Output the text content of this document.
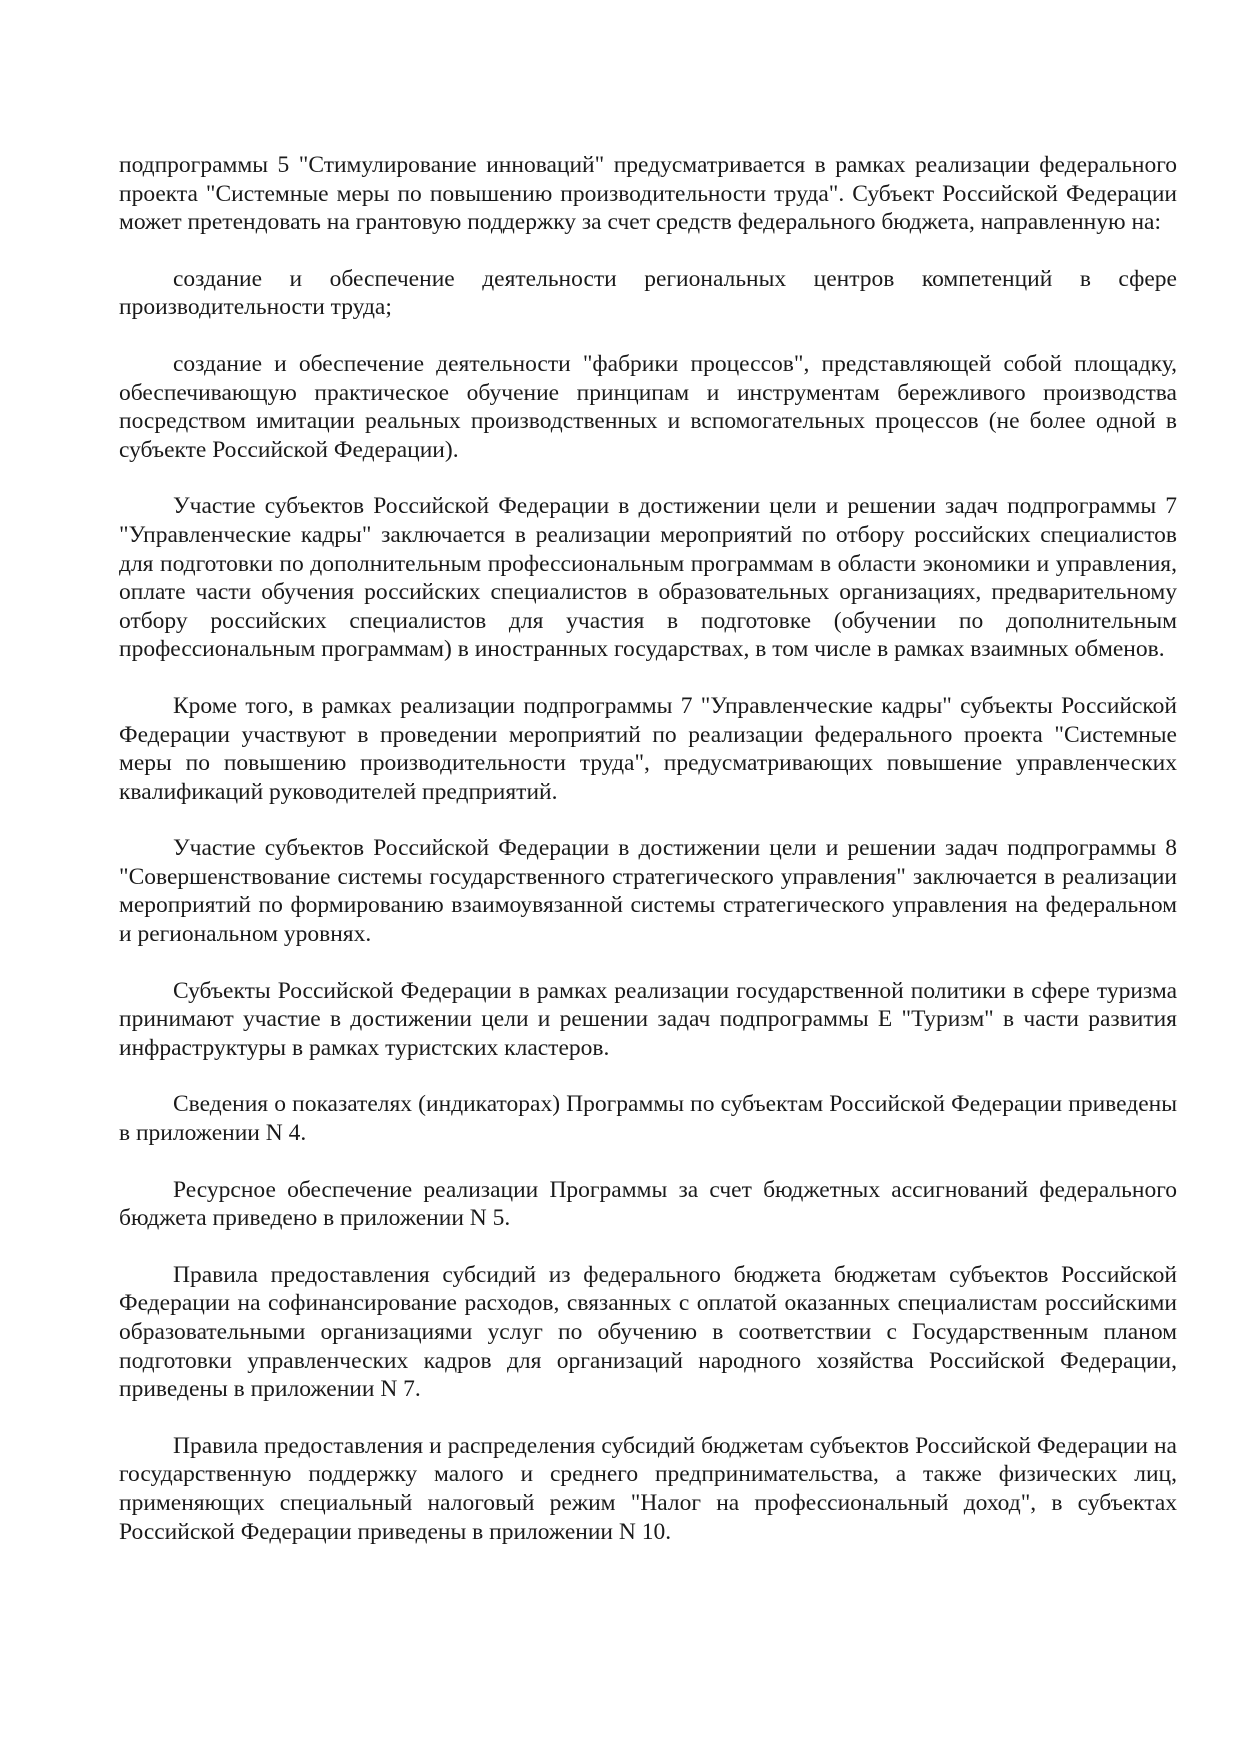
подпрограммы 5 "Стимулирование инноваций" предусматривается в рамках реализации федерального проекта "Системные меры по повышению производительности труда". Субъект Российской Федерации может претендовать на грантовую поддержку за счет средств федерального бюджета, направленную на:

создание и обеспечение деятельности региональных центров компетенций в сфере производительности труда;

создание и обеспечение деятельности "фабрики процессов", представляющей собой площадку, обеспечивающую практическое обучение принципам и инструментам бережливого производства посредством имитации реальных производственных и вспомогательных процессов (не более одной в субъекте Российской Федерации).

Участие субъектов Российской Федерации в достижении цели и решении задач подпрограммы 7 "Управленческие кадры" заключается в реализации мероприятий по отбору российских специалистов для подготовки по дополнительным профессиональным программам в области экономики и управления, оплате части обучения российских специалистов в образовательных организациях, предварительному отбору российских специалистов для участия в подготовке (обучении по дополнительным профессиональным программам) в иностранных государствах, в том числе в рамках взаимных обменов.

Кроме того, в рамках реализации подпрограммы 7 "Управленческие кадры" субъекты Российской Федерации участвуют в проведении мероприятий по реализации федерального проекта "Системные меры по повышению производительности труда", предусматривающих повышение управленческих квалификаций руководителей предприятий.

Участие субъектов Российской Федерации в достижении цели и решении задач подпрограммы 8 "Совершенствование системы государственного стратегического управления" заключается в реализации мероприятий по формированию взаимоувязанной системы стратегического управления на федеральном и региональном уровнях.

Субъекты Российской Федерации в рамках реализации государственной политики в сфере туризма принимают участие в достижении цели и решении задач подпрограммы Е "Туризм" в части развития инфраструктуры в рамках туристских кластеров.

Сведения о показателях (индикаторах) Программы по субъектам Российской Федерации приведены в приложении N 4.

Ресурсное обеспечение реализации Программы за счет бюджетных ассигнований федерального бюджета приведено в приложении N 5.

Правила предоставления субсидий из федерального бюджета бюджетам субъектов Российской Федерации на софинансирование расходов, связанных с оплатой оказанных специалистам российскими образовательными организациями услуг по обучению в соответствии с Государственным планом подготовки управленческих кадров для организаций народного хозяйства Российской Федерации, приведены в приложении N 7.

Правила предоставления и распределения субсидий бюджетам субъектов Российской Федерации на государственную поддержку малого и среднего предпринимательства, а также физических лиц, применяющих специальный налоговый режим "Налог на профессиональный доход", в субъектах Российской Федерации приведены в приложении N 10.
